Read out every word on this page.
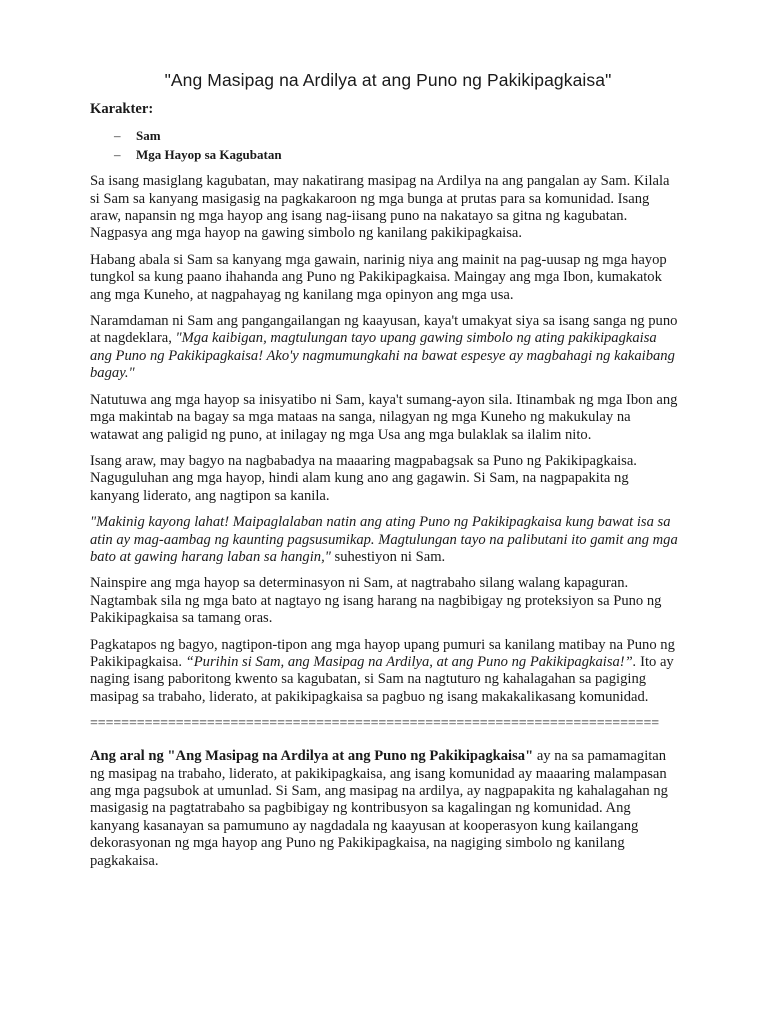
"Ang Masipag na Ardilya at ang Puno ng Pakikipagkaisa"
Karakter:
– Sam
– Mga Hayop sa Kagubatan

Sa isang masiglang kagubatan, may nakatirang masipag na Ardilya na ang pangalan ay Sam. Kilala si Sam sa kanyang masigasig na pagkakaroon ng mga bunga at prutas para sa komunidad. Isang araw, napansin ng mga hayop ang isang nag-iisang puno na nakatayo sa gitna ng kagubatan. Nagpasya ang mga hayop na gawing simbolo ng kanilang pakikipagkaisa.

Habang abala si Sam sa kanyang mga gawain, narinig niya ang mainit na pag-uusap ng mga hayop tungkol sa kung paano ihahanda ang Puno ng Pakikipagkaisa. Maingay ang mga Ibon, kumakatok ang mga Kuneho, at nagpahayag ng kanilang mga opinyon ang mga usa.

Naramdaman ni Sam ang pangangailangan ng kaayusan, kaya't umakyat siya sa isang sanga ng puno at nagdeklara, "Mga kaibigan, magtulungan tayo upang gawing simbolo ng ating pakikipagkaisa ang Puno ng Pakikipagkaisa! Ako'y nagmumungkahi na bawat espesye ay magbahagi ng kakaibang bagay."

Natutuwa ang mga hayop sa inisyatibo ni Sam, kaya't sumang-ayon sila. Itinambak ng mga Ibon ang mga makintab na bagay sa mga mataas na sanga, nilagyan ng mga Kuneho ng makukulay na watawat ang paligid ng puno, at inilagay ng mga Usa ang mga bulaklak sa ilalim nito.

Isang araw, may bagyo na nagbabadya na maaaring magpabagsak sa Puno ng Pakikipagkaisa. Naguguluhan ang mga hayop, hindi alam kung ano ang gagawin. Si Sam, na nagpapakita ng kanyang liderato, ang nagtipon sa kanila.

"Makinig kayong lahat! Maipaglalaban natin ang ating Puno ng Pakikipagkaisa kung bawat isa sa atin ay mag-aambag ng kaunting pagsusumikap. Magtulungan tayo na palibutani ito gamit ang mga bato at gawing harang laban sa hangin," suhestiyon ni Sam.

Nainspire ang mga hayop sa determinasyon ni Sam, at nagtrabaho silang walang kapaguran. Nagtambak sila ng mga bato at nagtayo ng isang harang na nagbibigay ng proteksiyon sa Puno ng Pakikipagkaisa sa tamang oras.

Pagkatapos ng bagyo, nagtipon-tipon ang mga hayop upang pumuri sa kanilang matibay na Puno ng Pakikipagkaisa. “Purihin si Sam, ang Masipag na Ardilya, at ang Puno ng Pakikipagkaisa!”. Ito ay naging isang paboritong kwento sa kagubatan, si Sam na nagtuturo ng kahalagahan sa pagiging masipag sa trabaho, liderato, at pakikipagkaisa sa pagbuo ng isang makakalikasang komunidad.

=========================================================================

Ang aral ng "Ang Masipag na Ardilya at ang Puno ng Pakikipagkaisa" ay na sa pamamagitan ng masipag na trabaho, liderato, at pakikipagkaisa, ang isang komunidad ay maaaring malampasan ang mga pagsubok at umunlad. Si Sam, ang masipag na ardilya, ay nagpapakita ng kahalagahan ng masigasig na pagtatrabaho sa pagbibigay ng kontribusyon sa kagalingan ng komunidad. Ang kanyang kasanayan sa pamumuno ay nagdadala ng kaayusan at kooperasyon kung kailangang dekorasyonan ng mga hayop ang Puno ng Pakikipagkaisa, na nagiging simbolo ng kanilang pagkakaisa.
